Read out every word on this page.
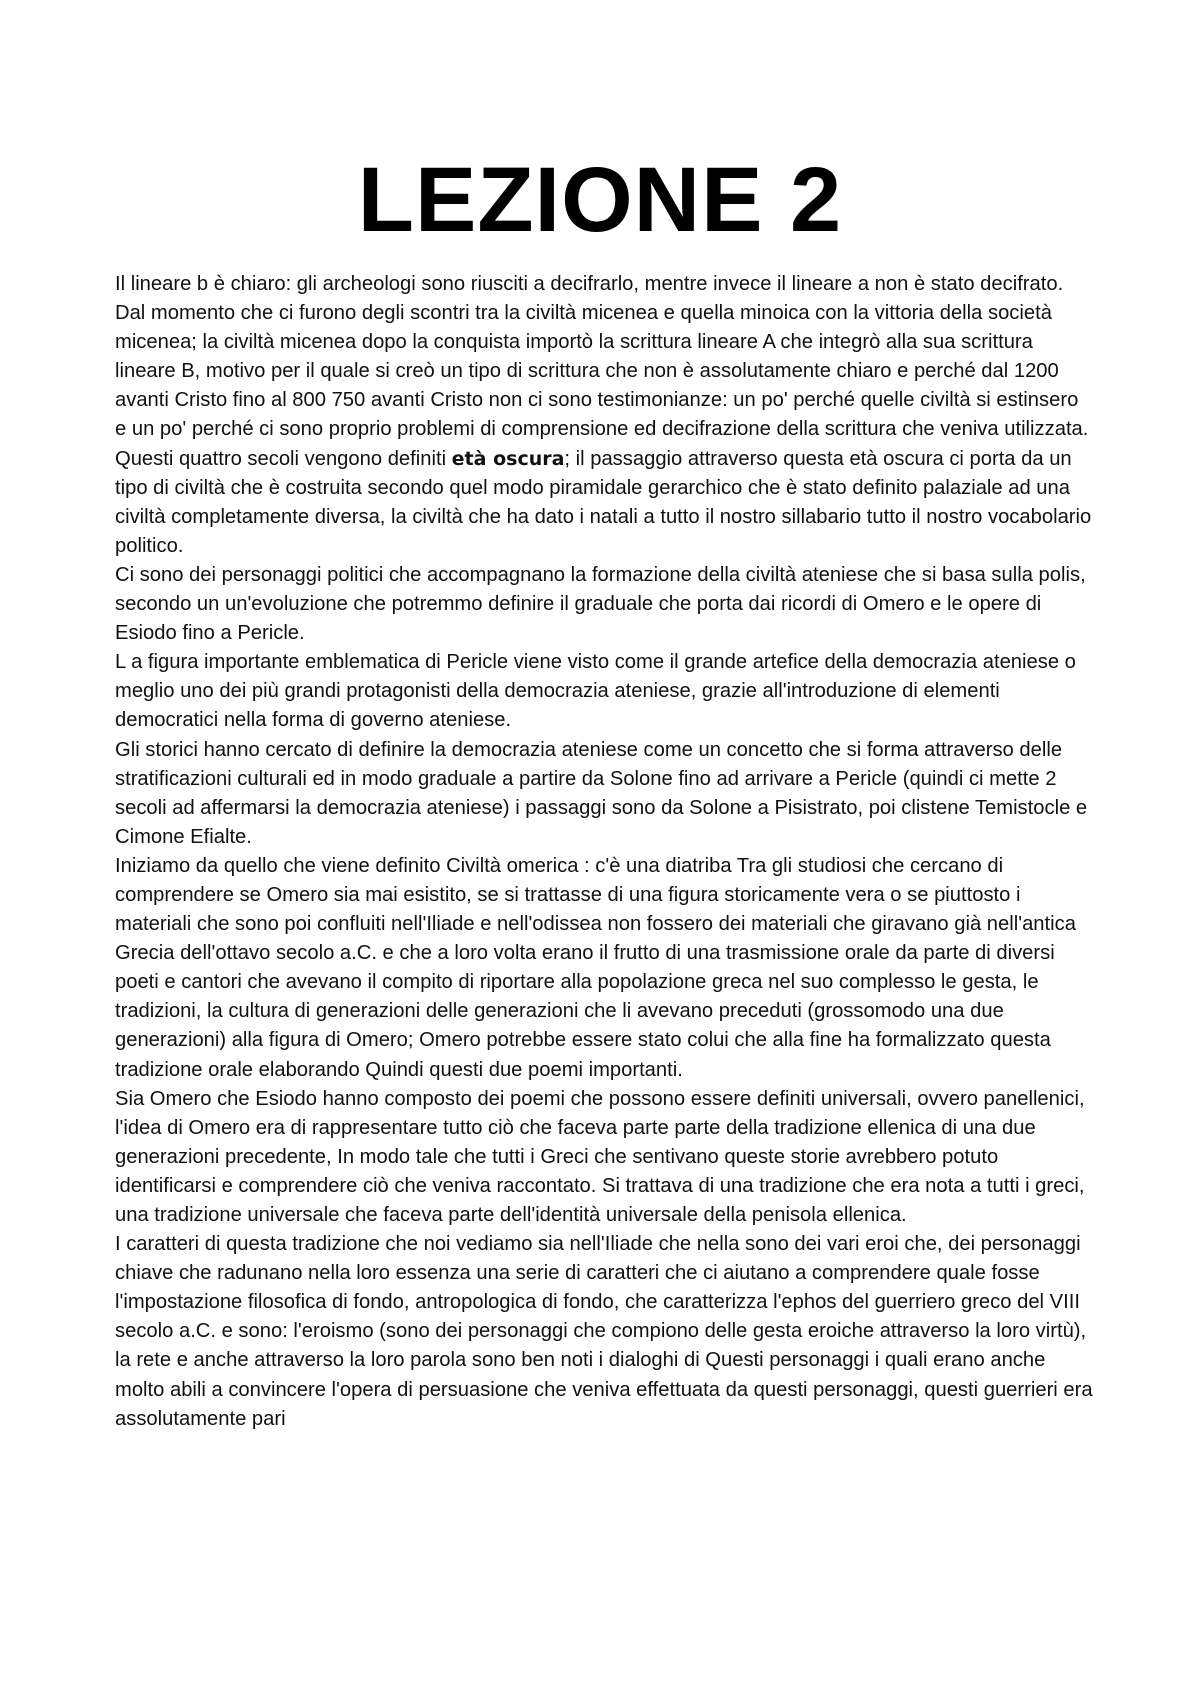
LEZIONE 2

Il lineare b è chiaro: gli archeologi sono riusciti a decifrarlo, mentre invece il lineare a non è stato decifrato.

Dal momento che ci furono degli scontri tra la civiltà micenea e quella minoica con la vittoria della società micenea; la civiltà micenea dopo la conquista importò la scrittura lineare A che integrò alla sua scrittura lineare B, motivo per il quale si creò un tipo di scrittura che non è assolutamente chiaro e perché dal 1200 avanti Cristo fino al 800 750 avanti Cristo non ci sono testimonianze: un po' perché quelle civiltà si estinsero e un po' perché ci sono proprio problemi di comprensione ed decifrazione della scrittura che veniva utilizzata.

Questi quattro secoli vengono definiti età oscura; il passaggio attraverso questa età oscura ci porta da un tipo di civiltà che è costruita secondo quel modo piramidale gerarchico che è stato definito palaziale ad una civiltà completamente diversa, la civiltà che ha dato i natali a tutto il nostro sillabario tutto il nostro vocabolario politico.

Ci sono dei personaggi politici che accompagnano la formazione della civiltà ateniese che si basa sulla polis, secondo un un'evoluzione che potremmo definire il graduale che porta dai ricordi di Omero e le opere di Esiodo fino a Pericle.

L a figura importante emblematica di Pericle viene visto come il grande artefice della democrazia ateniese o meglio uno dei più grandi protagonisti della democrazia ateniese, grazie all'introduzione di elementi democratici nella forma di governo ateniese.

Gli storici hanno cercato di definire la democrazia ateniese come un concetto che si forma attraverso delle stratificazioni culturali ed in modo graduale a partire da Solone fino ad arrivare a Pericle (quindi ci mette 2 secoli ad affermarsi la democrazia ateniese) i passaggi sono da Solone a Pisistrato, poi clistene Temistocle e Cimone Efialte.

Iniziamo da quello che viene definito Civiltà omerica : c'è una diatriba Tra gli studiosi che cercano di comprendere se Omero sia mai esistito, se si trattasse di una figura storicamente vera o se piuttosto i materiali che sono poi confluiti nell'Iliade e nell'odissea non fossero dei materiali che giravano già nell'antica Grecia dell'ottavo secolo a.C. e che a loro volta erano il frutto di una trasmissione orale da parte di diversi poeti e cantori che avevano il compito di riportare alla popolazione greca nel suo complesso le gesta, le tradizioni, la cultura di generazioni delle generazioni che li avevano preceduti (grossomodo una due generazioni) alla figura di Omero; Omero potrebbe essere stato colui che alla fine ha formalizzato questa tradizione orale elaborando Quindi questi due poemi importanti.

Sia Omero che Esiodo hanno composto dei poemi che possono essere definiti universali, ovvero panellenici, l'idea di Omero era di rappresentare tutto ciò che faceva parte parte della tradizione ellenica di una due generazioni precedente, In modo tale che tutti i Greci che sentivano queste storie avrebbero potuto identificarsi e comprendere ciò che veniva raccontato. Si trattava di una tradizione che era nota a tutti i greci, una tradizione universale che faceva parte dell'identità universale della penisola ellenica.

I caratteri di questa tradizione che noi vediamo sia nell'Iliade che nella sono dei vari eroi che, dei personaggi chiave che radunano nella loro essenza una serie di caratteri che ci aiutano a comprendere quale fosse l'impostazione filosofica di fondo, antropologica di fondo, che caratterizza l'ephos del guerriero greco del VIII secolo a.C. e sono: l'eroismo (sono dei personaggi che compiono delle gesta eroiche attraverso la loro virtù), la rete e anche attraverso la loro parola sono ben noti i dialoghi di Questi personaggi i quali erano anche molto abili a convincere l'opera di persuasione che veniva effettuata da questi personaggi, questi guerrieri era assolutamente pari
